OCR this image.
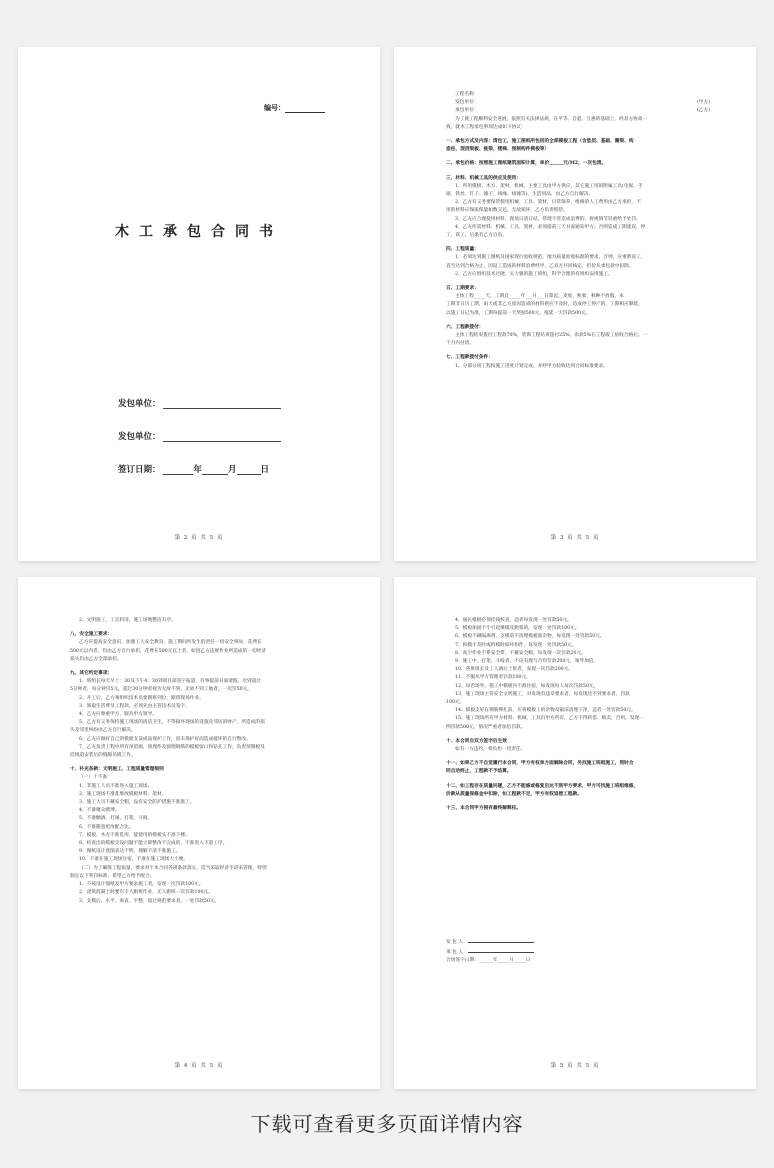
编号：
木工承包合同书
发包单位：
发包单位：
签订日期：	年	月	日
第 2 页 共 5 页

工程名称：

发包单位：	(甲方)

承包单位：	(乙方)

为了使工程顺利安全进展，依照有关法律法规，在平等、自愿、互惠的基础上，经双方协商一

致，就木工程承包事项达成如下协议：

一、承包方式及内容：清包工，施工图纸所包括的全部模板工程（含垫层、基础、圈梁、构

造柱、现浇梁板、挑梁、楼梯、预制构件模板等）

二、承包价格：按照施工图纸建筑面积计算，单价______元/M2，一次包清。

三、材料、机械工具的供应及使用：

1、所用模板、木方、架材、机械、主要工具由甲方供应，其它施工用的附属工具(电锯、手

锯、铁丝、钉子、锤子、线绳、线锤等)，生活用品，由乙方自行解决。

2、乙方有义务要保管使用机械、工具、架材，日常保养、维修的人工费用由乙方承担，不

用的材料应保质保量如数交还，无故损坏，乙方负责赔偿。

3、乙方应合理使用材料，现场日清日结，管理不善造成浪费的，将视情节轻重给予处罚。

4、乙方所需材料、机械、工具、架材，必须提前三天书面通知甲方；否则造成工期延误，停

工、窝工，后果有乙方自负。

四、工程质量：

1、必须达到施工图纸及国家现行验收规范，地方质量验收标准的要求，否则，应重新返工，

直至达到合格为止，因返工造成的材料浪费经甲、乙双方共同核定，折价从承包款中扣除。

2、乙方应组织技术过硬、实力强的施工班组，科学合理的有组织安排施工。

五、工期要求：

主体工程_____天，工期自_____年___月___日算起，麦收、秋收、秋种不放假，本

工期非日历工期，雨天或非乙方原因造成的材料供应不及时，造成停工停产的，工期相应顺延，

以施工日记为准，工期每提前一天奖励500元，拖延一天罚款500元。

六、工程款拨付：

主体工程结束拨付工程款70%，装饰工程结束拨付25%，余款5%在工程竣工验收合格后，一

个月内付清。

七、工程款拨付条件：

1、分部分项工程按施工进度计划完成，并经甲方验收达到合同标准要求。

第 3 页 共 5 页

2、文明施工，工完料清，施工场地整洁有序。

八、安全施工要求：

乙方应提高安全意识，加强工人安全教育，施工期间所发生的责任一切安全事故，花费在

500元以内者，均由乙方自行承担，花费在500元以上者，如因乙方违规作业所造成的一切经济

损失均由乙方全部承担。

九、其它约定事项：

1、班组长每天早上：30及下午4：30到项目部签字报道，有事提前书面请假，迟到超过

5分钟者，每分钟罚5元，超过30分钟者视为无故不到，无故不到工地者，一次罚50元。

2、开工后，乙方须组织技术员要跟班到位，跟班现场作业。

3、领取生活费及工程款，必须先由主管技术员签字。

4、乙方应尊重甲方，服从甲方领导。

5、乙方有义务保持施工现场的清洁卫生，不得损坏现场的设施及邻居的财产，所造成的损

失及邻里纠纷由乙方自行解决。

6、乙方应做好自己的模板支设成品保护工作，因未保护好而造成破坏的自行整改。

7、乙方负责工程中所有预留洞，预埋件及预埋钢筋的模板留口和钻孔工作，负责预制板及

挂线道安装后的缝隙吊模工作。

十、补充条款：文明施工、工程质量管理细则

（一）十不准：

1、非施工人员不准进入施工现场。

2、施工现场不准乱堆放模板材料、架材。

3、施工人员不戴安全帽，没有安全防护措施不准施工。

4、不准聚众赌博。

5、不准酗酒、打闹、打架、斗殴。

6、不准随意更改配合比。

7、模板、木方不准乱用，能使用的模板头不准下楼。

8、检查出的模板支设问题不能立即整改不完成的，不准进入下道工序。

9、图纸设计意图表达不明，理解不清不准施工。

10、不准在施工现场住宿，不准在施工现场大小便。

（二）为了确保工程质量，要求对于本合同各项条款落实，适当采取经济手段来管理，特别

制定以下奖罚标准，希望乙方给予配合。

1、不按设计图纸及甲方要求施工者，发现一次罚款100元。

2、浇筑混凝土时要有专人跟班作业，无人跟班一次罚款100元。

3、支模后，水平、垂直、平整，超过规范要求者，一处罚款50元。

第 4 页 共 5 页

4、通长模板必须挂线校直，违者每发现一处罚款50元。

5、模板加固不牢引起爆模及跑浆的，发现一处罚款100元。

6、模板不刷隔离剂，支模前不清理模板面杂物，每发现一处罚款50元。

7、拆模不及时或拆模时损坏构件，每发现一处罚款50元。

8、高空作业不系安全带，不戴安全帽，每发现一次罚款20元。

9、施工中，打架、斗殴者，不论有理与否均罚款200元，领导加倍。

10、各班组长及工人酒后上班者，发现一次罚款200元。

11、不服从甲方管理者罚款100元。

12、每若场外，施工中模板内不准住宿，如发现每人每次罚款50元。

13、施工现场主管安全文明施工，对发现有违章要求者，每发现达不到要求者，罚款

100元。

14、模板支好在钢筋绑扎前，应将模板上的杂物及锯沫清理干净，违者一处罚款50元。

15、施工现场所有甲方材料、机械、工具归甲方所有，乙方不得转借、贩卖，否则，发现一

例罚款500元，情况严重者加倍罚款。

十、本合同自双方签字后生效

如有一方违约，将负担一切责任。

十一、如果乙方不自觉履行本合同，甲方有权单方面解除合同，另找施工班组施工，到时合

同自动终止，工程款不予结算。

十二、如工程存在质量问题，乙方不能修或修复后达不到甲方要求，甲方可找施工班组维修，

价款从质量保修金中扣除，如工程款不足，甲方有权追偿工程款。

十三、本合同甲方拥有最终解释权。

发 包 人：

承 包 人：

合同签字日期：______年_____月_____日

第 5 页 共 5 页
下载可查看更多页面详情内容
